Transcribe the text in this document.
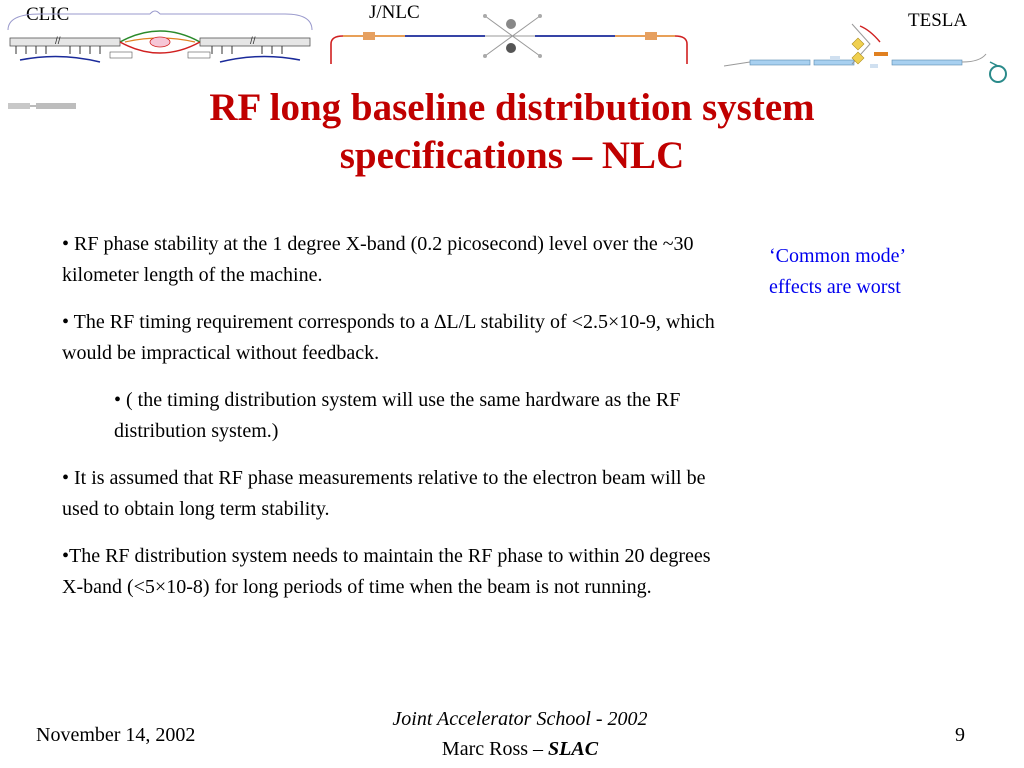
CLIC
//	//
J/NLC	TESLA
RF long baseline distribution system
specifications – NLC

• RF phase stability at the 1 degree X-band (0.2 picosecond) level over the ~30 kilometer length of the machine.

• The RF timing requirement corresponds to a ∆L/L stability of <2.5×10-9, which would be impractical without feedback.

• ( the timing distribution system will use the same hardware as the RF distribution system.)

• It is assumed that RF phase measurements relative to the electron beam will be used to obtain long term stability.

•The RF distribution system needs to maintain the RF phase to within 20 degrees X-band (<5×10-8) for long periods of time when the beam is not running.

‘Common mode’
effects are worst
November 14, 2002
Joint Accelerator School - 2002
Marc Ross – SLAC
9
